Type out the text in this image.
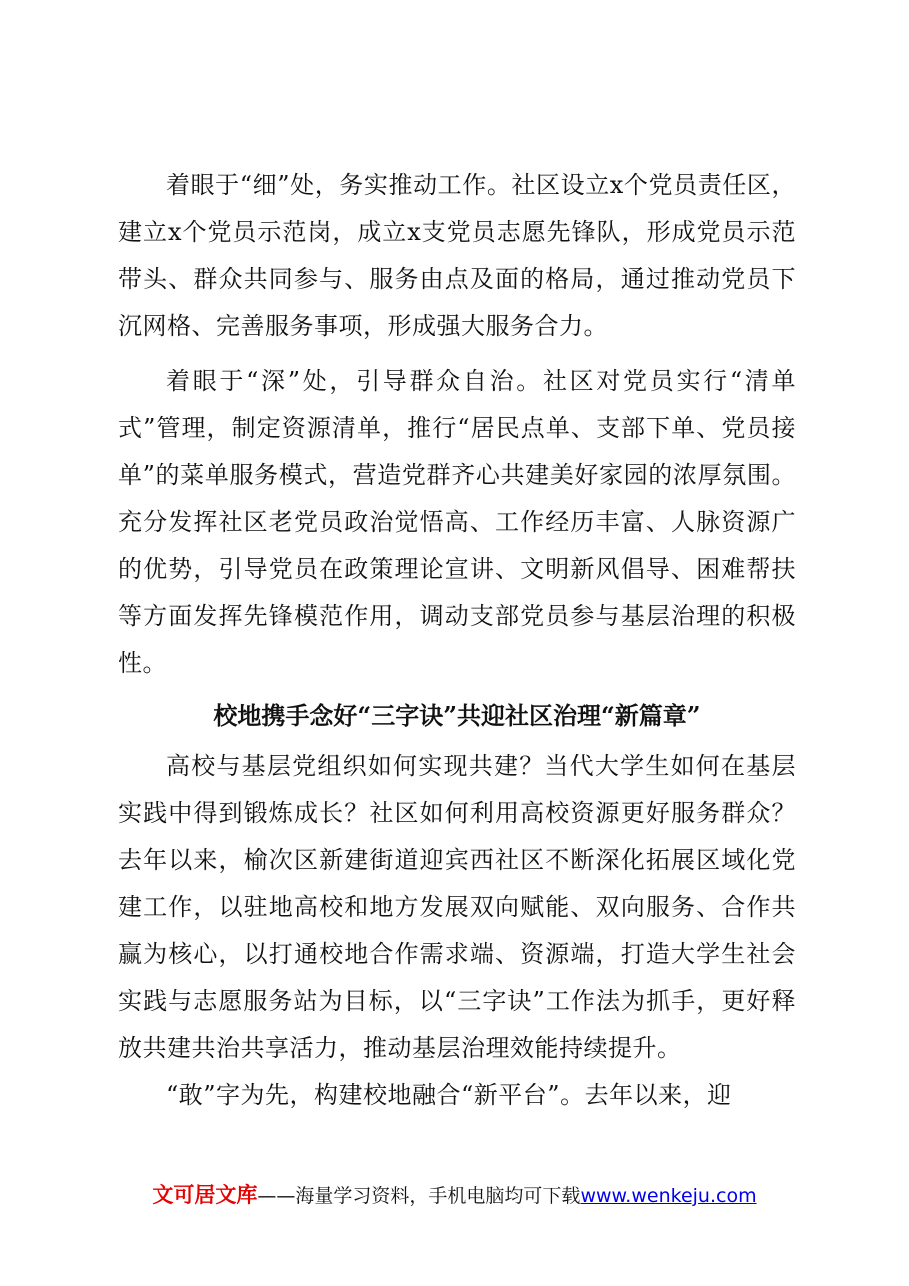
着眼于“细”处，务实推动工作。社区设立x个党员责任区，建立x个党员示范岗，成立x支党员志愿先锋队，形成党员示范带头、群众共同参与、服务由点及面的格局，通过推动党员下沉网格、完善服务事项，形成强大服务合力。

着眼于“深”处，引导群众自治。社区对党员实行“清单式”管理，制定资源清单，推行“居民点单、支部下单、党员接单”的菜单服务模式，营造党群齐心共建美好家园的浓厚氛围。充分发挥社区老党员政治觉悟高、工作经历丰富、人脉资源广的优势，引导党员在政策理论宣讲、文明新风倡导、困难帮扶等方面发挥先锋模范作用，调动支部党员参与基层治理的积极性。

校地携手念好“三字诀”共迎社区治理“新篇章”

高校与基层党组织如何实现共建？当代大学生如何在基层实践中得到锻炼成长？社区如何利用高校资源更好服务群众？去年以来，榆次区新建街道迎宾西社区不断深化拓展区域化党建工作，以驻地高校和地方发展双向赋能、双向服务、合作共赢为核心，以打通校地合作需求端、资源端，打造大学生社会实践与志愿服务站为目标，以“三字诀”工作法为抓手，更好释放共建共治共享活力，推动基层治理效能持续提升。

“敢”字为先，构建校地融合“新平台”。去年以来，迎

文可居文库——海量学习资料，手机电脑均可下载www.wenkeju.com
